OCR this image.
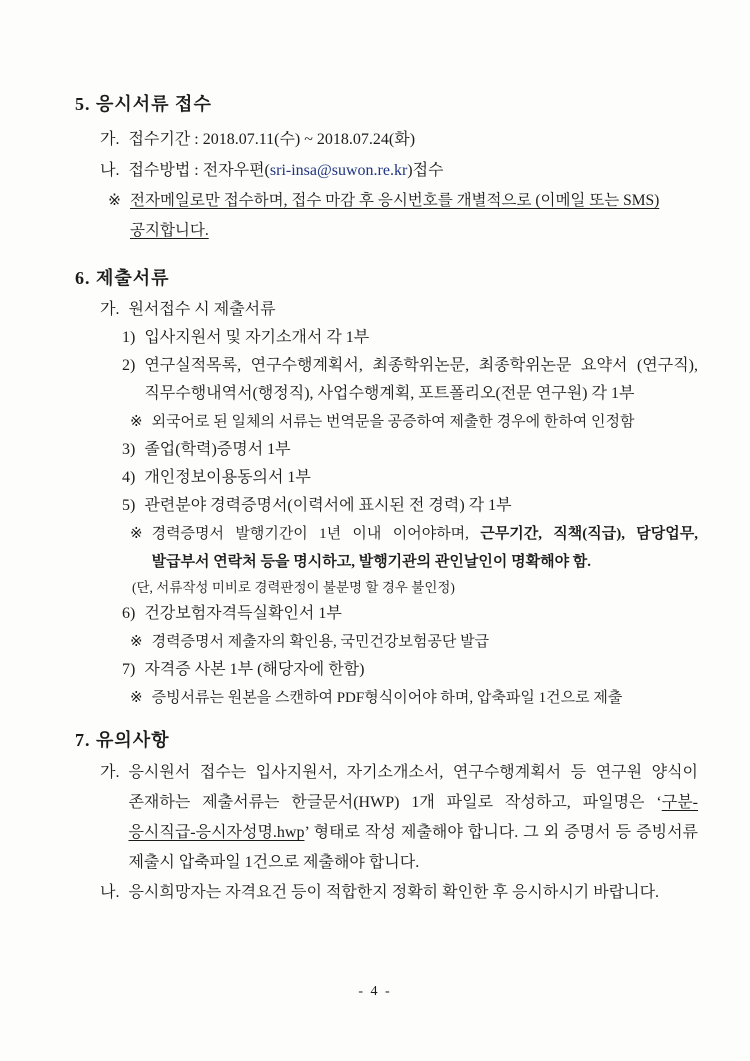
5. 응시서류 접수
가. 접수기간 : 2018.07.11(수) ~ 2018.07.24(화)
나. 접수방법 : 전자우편(sri-insa@suwon.re.kr)접수
※ 전자메일로만 접수하며, 접수 마감 후 응시번호를 개별적으로 (이메일 또는 SMS)
공지합니다.
6. 제출서류
가. 원서접수 시 제출서류
1) 입사지원서 및 자기소개서 각 1부
2) 연구실적목록, 연구수행계획서, 최종학위논문, 최종학위논문 요약서 (연구직), 직무수행내역서(행정직), 사업수행계획, 포트폴리오(전문 연구원) 각 1부
※ 외국어로 된 일체의 서류는 번역문을 공증하여 제출한 경우에 한하여 인정함
3) 졸업(학력)증명서 1부
4) 개인정보이용동의서 1부
5) 관련분야 경력증명서(이력서에 표시된 전 경력) 각 1부
※ 경력증명서 발행기간이 1년 이내 이어야하며, 근무기간, 직책(직급), 담당업무, 발급부서 연락처 등을 명시하고, 발행기관의 관인날인이 명확해야 함.
(단, 서류작성 미비로 경력판정이 불분명 할 경우 불인정)
6) 건강보험자격득실확인서 1부
※ 경력증명서 제출자의 확인용, 국민건강보험공단 발급
7) 자격증 사본 1부 (해당자에 한함)
※ 증빙서류는 원본을 스캔하여 PDF형식이어야 하며, 압축파일 1건으로 제출
7. 유의사항
가. 응시원서 접수는 입사지원서, 자기소개소서, 연구수행계획서 등 연구원 양식이 존재하는 제출서류는 한글문서(HWP) 1개 파일로 작성하고, 파일명은 ‘구분-응시직급-응시자성명.hwp’ 형태로 작성 제출해야 합니다. 그 외 증명서 등 증빙서류 제출시 압축파일 1건으로 제출해야 합니다.
나. 응시희망자는 자격요건 등이 적합한지 정확히 확인한 후 응시하시기 바랍니다.
- 4 -
